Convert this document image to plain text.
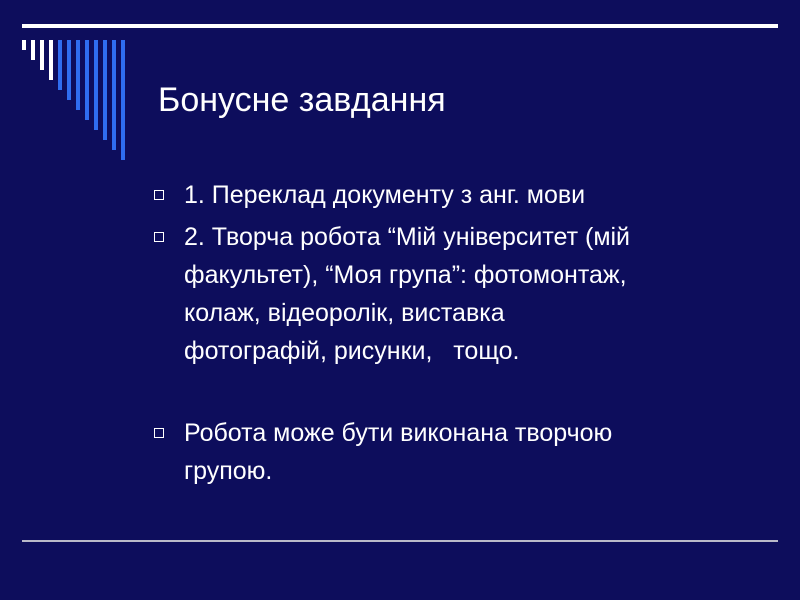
Бонусне завдання
1. Переклад документу з анг. мови
2. Творча робота “Мій університет (мій
факультет), “Моя група”: фотомонтаж,
колаж, відеоролік, виставка
фотографій, рисунки,   тощо.
Робота може бути виконана творчою
групою.
